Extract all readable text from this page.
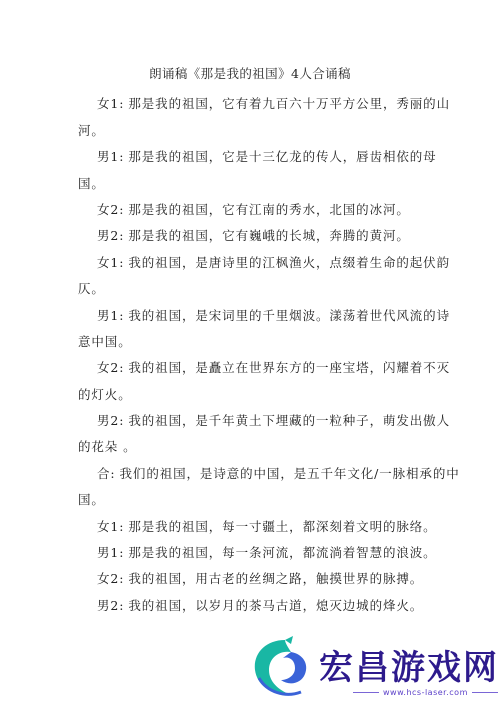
朗诵稿《那是我的祖国》4人合诵稿
女1: 那是我的祖国，它有着九百六十万平方公里，秀丽的山
河。
男1: 那是我的祖国，它是十三亿龙的传人，唇齿相依的母
国。
女2: 那是我的祖国，它有江南的秀水，北国的冰河。
男2: 那是我的祖国，它有巍峨的长城，奔腾的黄河。
女1: 我的祖国，是唐诗里的江枫渔火，点缀着生命的起伏韵
仄。
男1: 我的祖国，是宋词里的千里烟波。漾荡着世代风流的诗
意中国。
女2: 我的祖国，是矗立在世界东方的一座宝塔，闪耀着不灭
的灯火。
男2: 我的祖国，是千年黄土下埋藏的一粒种子，萌发出傲人
的花朵 。
合: 我们的祖国，是诗意的中国，是五千年文化/一脉相承的中
国。
女1: 那是我的祖国，每一寸疆土，都深刻着文明的脉络。
男1: 那是我的祖国，每一条河流，都流淌着智慧的浪波。
女2: 我的祖国，用古老的丝绸之路，触摸世界的脉搏。
男2: 我的祖国，以岁月的茶马古道，熄灭边城的烽火。
宏昌游戏网
www.hcs-laser.com
